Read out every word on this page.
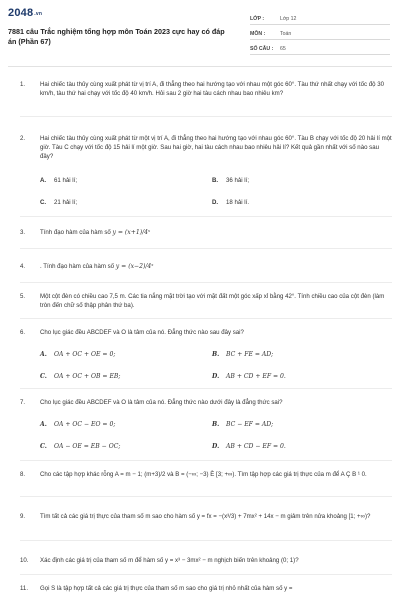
2048.vn
7881 câu Trắc nghiệm tổng hợp môn Toán 2023 cực hay có đáp án (Phần 67)
LỚP :	Lớp 12
MÔN :	Toán
SỐ CÂU :	65
1.	Hai chiếc tàu thủy cùng xuất phát từ vị trí A, đi thẳng theo hai hướng tạo với nhau một góc 60°. Tàu thứ nhất chạy với tốc độ 30 km/h, tàu thứ hai chạy với tốc độ 40 km/h. Hỏi sau 2 giờ hai tàu cách nhau bao nhiêu km?
2.	Hai chiếc tàu thủy cùng xuất phát từ một vị trí A, đi thẳng theo hai hướng tạo với nhau góc 60°. Tàu B chạy với tốc độ 20 hải lí một giờ. Tàu C chạy với tốc độ 15 hải lí một giờ. Sau hai giờ, hai tàu cách nhau bao nhiêu hải lí? Kết quả gần nhất với số nào sau đây?
A. 61 hải lí;	B. 36 hải lí;
C. 21 hải lí;	D. 18 hải lí.
3.	Tính đạo hàm của hàm số y = (x+1)/4ˣ
4.	. Tính đạo hàm của hàm số y = (x−2)/4ˣ
5.	Một cột đèn có chiều cao 7,5 m. Các tia nắng mặt trời tạo với mặt đất một góc xấp xỉ bằng 42°. Tính chiều cao của cột đèn (làm tròn đến chữ số thập phân thứ ba).
6.	Cho lục giác đều ABCDEF và O là tâm của nó. Đẳng thức nào sau đây sai?
A. OA + OC + OE = 0;	B. BC + FE = AD;
C. OA + OC + OB = EB;	D. AB + CD + EF = 0.
7.	Cho lục giác đều ABCDEF và O là tâm của nó. Đẳng thức nào dưới đây là đẳng thức sai?
A. OA + OC − EO = 0;	B. BC − EF = AD;
C. OA − OE = EB − OC;	D. AB + CD − EF = 0.
8.	Cho các tập hợp khác rỗng A = m − 1; (m+3)/2 và B = (−∞; −3) È [3; +∞). Tìm tập hợp các giá trị thực của m để A Ç B ¹ 0.
9.	Tìm tất cả các giá trị thực của tham số m sao cho hàm số y = fx = −(x³/3) + 7mx² + 14x − m giảm trên nửa khoảng [1; +∞)?
10.	Xác định các giá trị của tham số m để hàm số y = x³ − 3mx² − m nghịch biến trên khoảng (0; 1)?
11.	Gọi S là tập hợp tất cả các giá trị thực của tham số m sao cho giá trị nhỏ nhất của hàm số y =
